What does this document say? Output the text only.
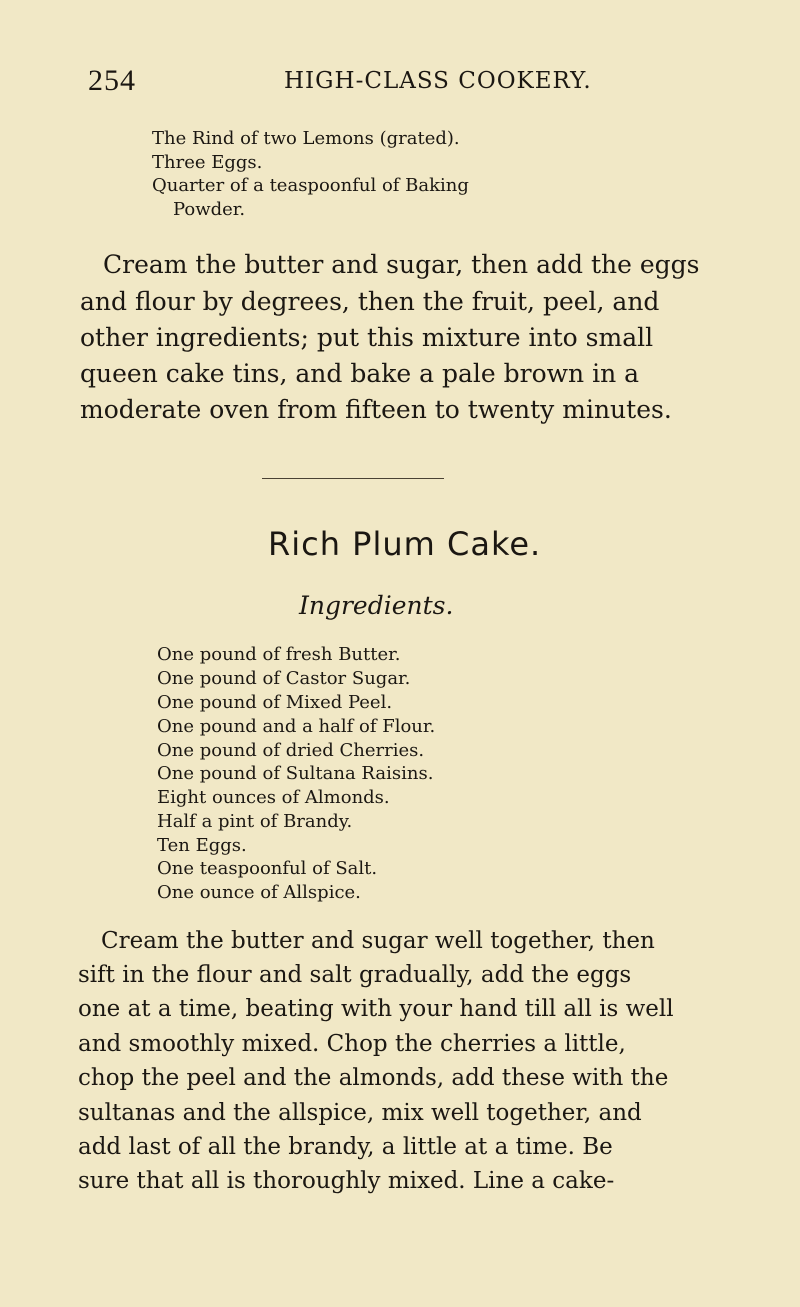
254	HIGH-CLASS COOKERY.
The Rind of two Lemons (grated).
Three Eggs.
Quarter of a teaspoonful of Baking
Powder.
Cream the butter and sugar, then add the eggs
and flour by degrees, then the fruit, peel, and
other ingredients; put this mixture into small
queen cake tins, and bake a pale brown in a
moderate oven from fifteen to twenty minutes.
Rich Plum Cake.
Ingredients.
One pound of fresh Butter.
One pound of Castor Sugar.
One pound of Mixed Peel.
One pound and a half of Flour.
One pound of dried Cherries.
One pound of Sultana Raisins.
Eight ounces of Almonds.
Half a pint of Brandy.
Ten Eggs.
One teaspoonful of Salt.
One ounce of Allspice.
Cream the butter and sugar well together, then
sift in the flour and salt gradually, add the eggs
one at a time, beating with your hand till all is well
and smoothly mixed. Chop the cherries a little,
chop the peel and the almonds, add these with the
sultanas and the allspice, mix well together, and
add last of all the brandy, a little at a time. Be
sure that all is thoroughly mixed. Line a cake-
